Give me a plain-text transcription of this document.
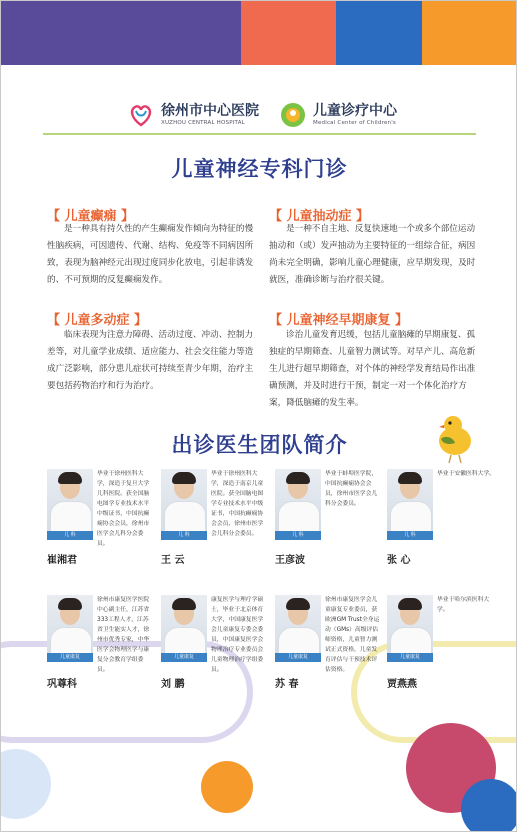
徐州市中心医院
XUZHOU CENTRAL HOSPITAL
儿童诊疗中心
Medical Center of Children's
儿童神经专科门诊
【 儿童癫痫 】
是一种具有持久性的产生癫痫发作倾向为特征的慢性脑疾病，可因遗传、代谢、结构、免疫等不同病因所致，表现为脑神经元出现过度同步化放电，引起非诱发的、不可预期的反复癫痫发作。
【 儿童抽动症 】
是一种不自主地、反复快速地一个或多个部位运动抽动和（或）发声抽动为主要特征的一组综合征，病因尚未完全明确，影响儿童心理健康，应早期发现，及时就医，准确诊断与治疗很关键。
【 儿童多动症 】
临床表现为注意力障碍、活动过度、冲动、控制力差等，对儿童学业成绩、适应能力、社会交往能力等造成广泛影响，部分患儿症状可持续至青少年期，治疗主要包括药物治疗和行为治疗。
【 儿童神经早期康复 】
诊治儿童发育迟缓，包括儿童脑瘫的早期康复、孤独症的早期筛查、儿童智力测试等。对早产儿、高危新生儿进行超早期筛查，对个体的神经学发育结局作出准确预测，并及时进行干预，制定一对一个体化治疗方案，降低脑瘫的发生率。
出诊医生团队简介
儿 科
崔湘君
毕业于徐州医科大学，深造于复旦大学儿科医院。获全国脑电图学专业技术水平中级证书，中国抗癫痫协会会员，徐州市医学会儿科分会委员。
儿 科
王 云
毕业于徐州医科大学，深造于南京儿童医院。获全国脑电图学专业技术水平中级证书，中国抗癫痫协会会员，徐州市医学会儿科分会委员。	儿 科
王彦波
毕业于蚌埠医学院，中国抗癫痫协会会员，徐州市医学会儿科分会委员。
儿 科
张 心
毕业于安徽医科大学。
儿童康复
巩尊科
徐州市康复医学医院中心副主任，江苏省333工程人才，江苏省卫生能实人才，徐州市优秀专家，中华医学会物理医学与康复分会教育学组委员。
儿童康复
刘 鹏
康复医学与理疗学硕士，毕业于北京体育大学，中国康复医学会儿童康复专委会委员，中国康复医学会物理治疗专业委员会儿童物理治疗学组委员。
儿童康复
苏 春
徐州市康复医学会儿童康复专业委员，获欧洲GM Trust全身运动（GMs）高级评估师资格，儿童智力测试正式资格，儿童发育评估与干预技术评估资格。
儿童康复
贾燕燕
毕业于哈尔滨医科大学。
